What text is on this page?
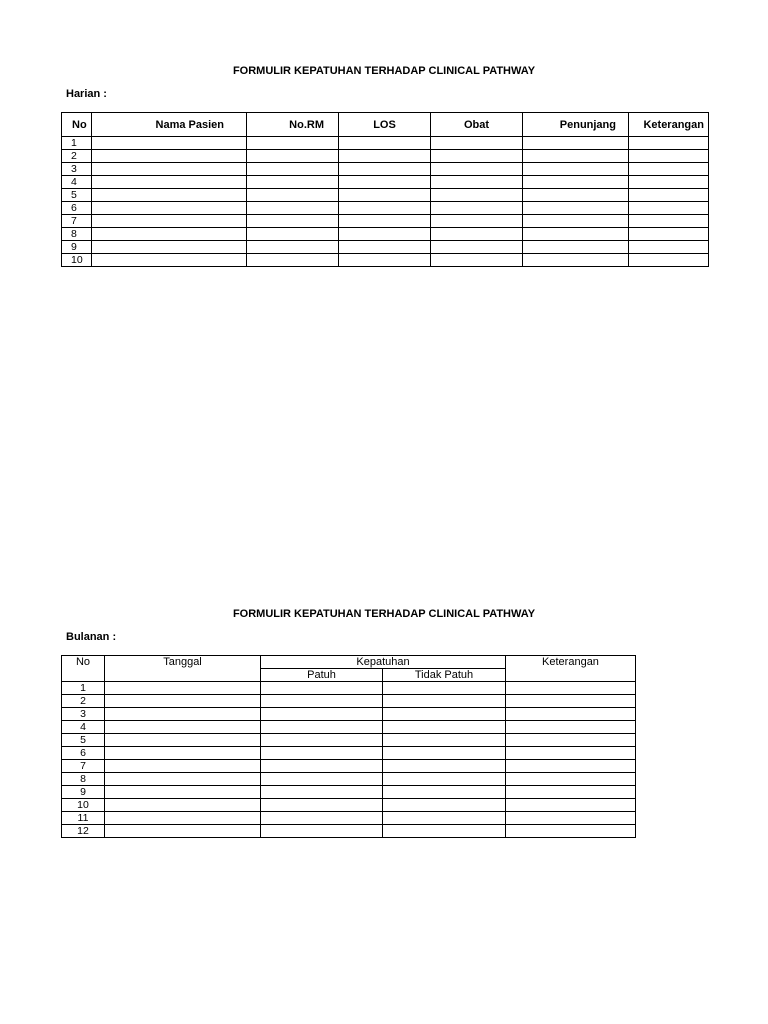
FORMULIR KEPATUHAN TERHADAP CLINICAL PATHWAY
Harian :
No	Nama Pasien	No.RM	LOS	Obat	Penunjang	Keterangan
1						
2						
3						
4						
5						
6						
7						
8						
9						
10						
FORMULIR KEPATUHAN TERHADAP CLINICAL PATHWAY
Bulanan :
No	Tanggal	Kepatuhan		Keterangan
		Patuh	Tidak Patuh	
1				
2				
3				
4				
5				
6				
7				
8				
9				
10				
11				
12				
